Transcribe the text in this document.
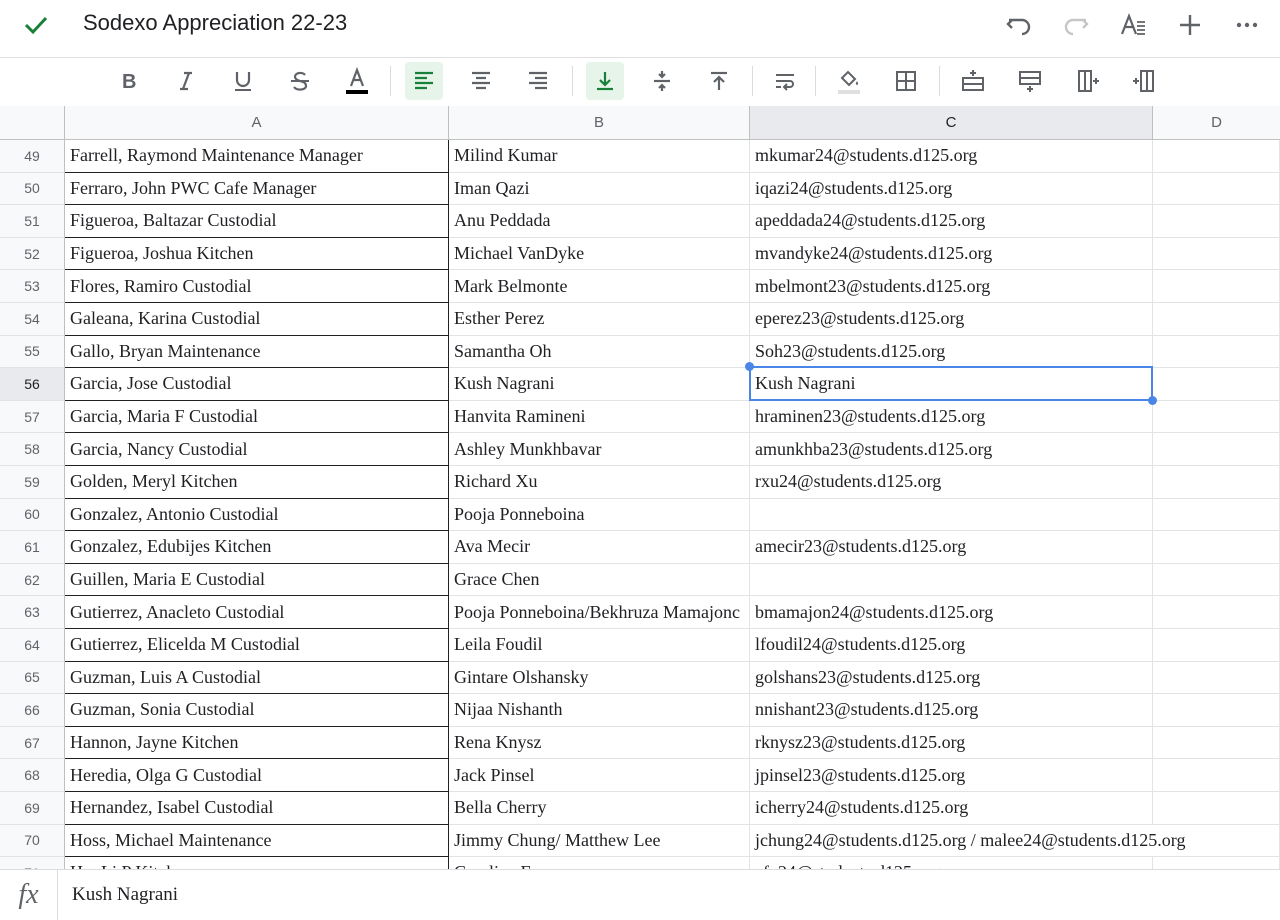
Sodexo Appreciation 22-23
B
A	B	C	D
49	Farrell, Raymond Maintenance Manager	Milind Kumar	mkumar24@students.d125.org
50	Ferraro, John PWC Cafe Manager	Iman Qazi	iqazi24@students.d125.org
51	Figueroa, Baltazar Custodial	Anu Peddada	apeddada24@students.d125.org
52	Figueroa, Joshua Kitchen	Michael VanDyke	mvandyke24@students.d125.org
53	Flores, Ramiro Custodial	Mark Belmonte	mbelmont23@students.d125.org
54	Galeana, Karina Custodial	Esther Perez	eperez23@students.d125.org
55	Gallo, Bryan Maintenance	Samantha Oh	Soh23@students.d125.org
56	Garcia, Jose Custodial	Kush Nagrani	Kush Nagrani
57	Garcia, Maria F Custodial	Hanvita Ramineni	hraminen23@students.d125.org
58	Garcia, Nancy Custodial	Ashley Munkhbavar	amunkhba23@students.d125.org
59	Golden, Meryl Kitchen	Richard Xu	rxu24@students.d125.org
60	Gonzalez, Antonio Custodial	Pooja Ponneboina
61	Gonzalez, Edubijes Kitchen	Ava Mecir	amecir23@students.d125.org
62	Guillen, Maria E Custodial	Grace Chen
63	Gutierrez, Anacleto Custodial	Pooja Ponneboina/Bekhruza Mamajonc bmamajon24@students.d125.org
64	Gutierrez, Elicelda M Custodial	Leila Foudil	lfoudil24@students.d125.org
65	Guzman, Luis A Custodial	Gintare Olshansky	golshans23@students.d125.org
66	Guzman, Sonia Custodial	Nijaa Nishanth	nnishant23@students.d125.org
67	Hannon, Jayne Kitchen	Rena Knysz	rknysz23@students.d125.org
68	Heredia, Olga G Custodial	Jack Pinsel	jpinsel23@students.d125.org
69	Hernandez, Isabel Custodial	Bella Cherry	icherry24@students.d125.org
70	Hoss, Michael Maintenance	Jimmy Chung/ Matthew Lee	jchung24@students.d125.org / malee24@students.d125.org
fx	Kush Nagrani
